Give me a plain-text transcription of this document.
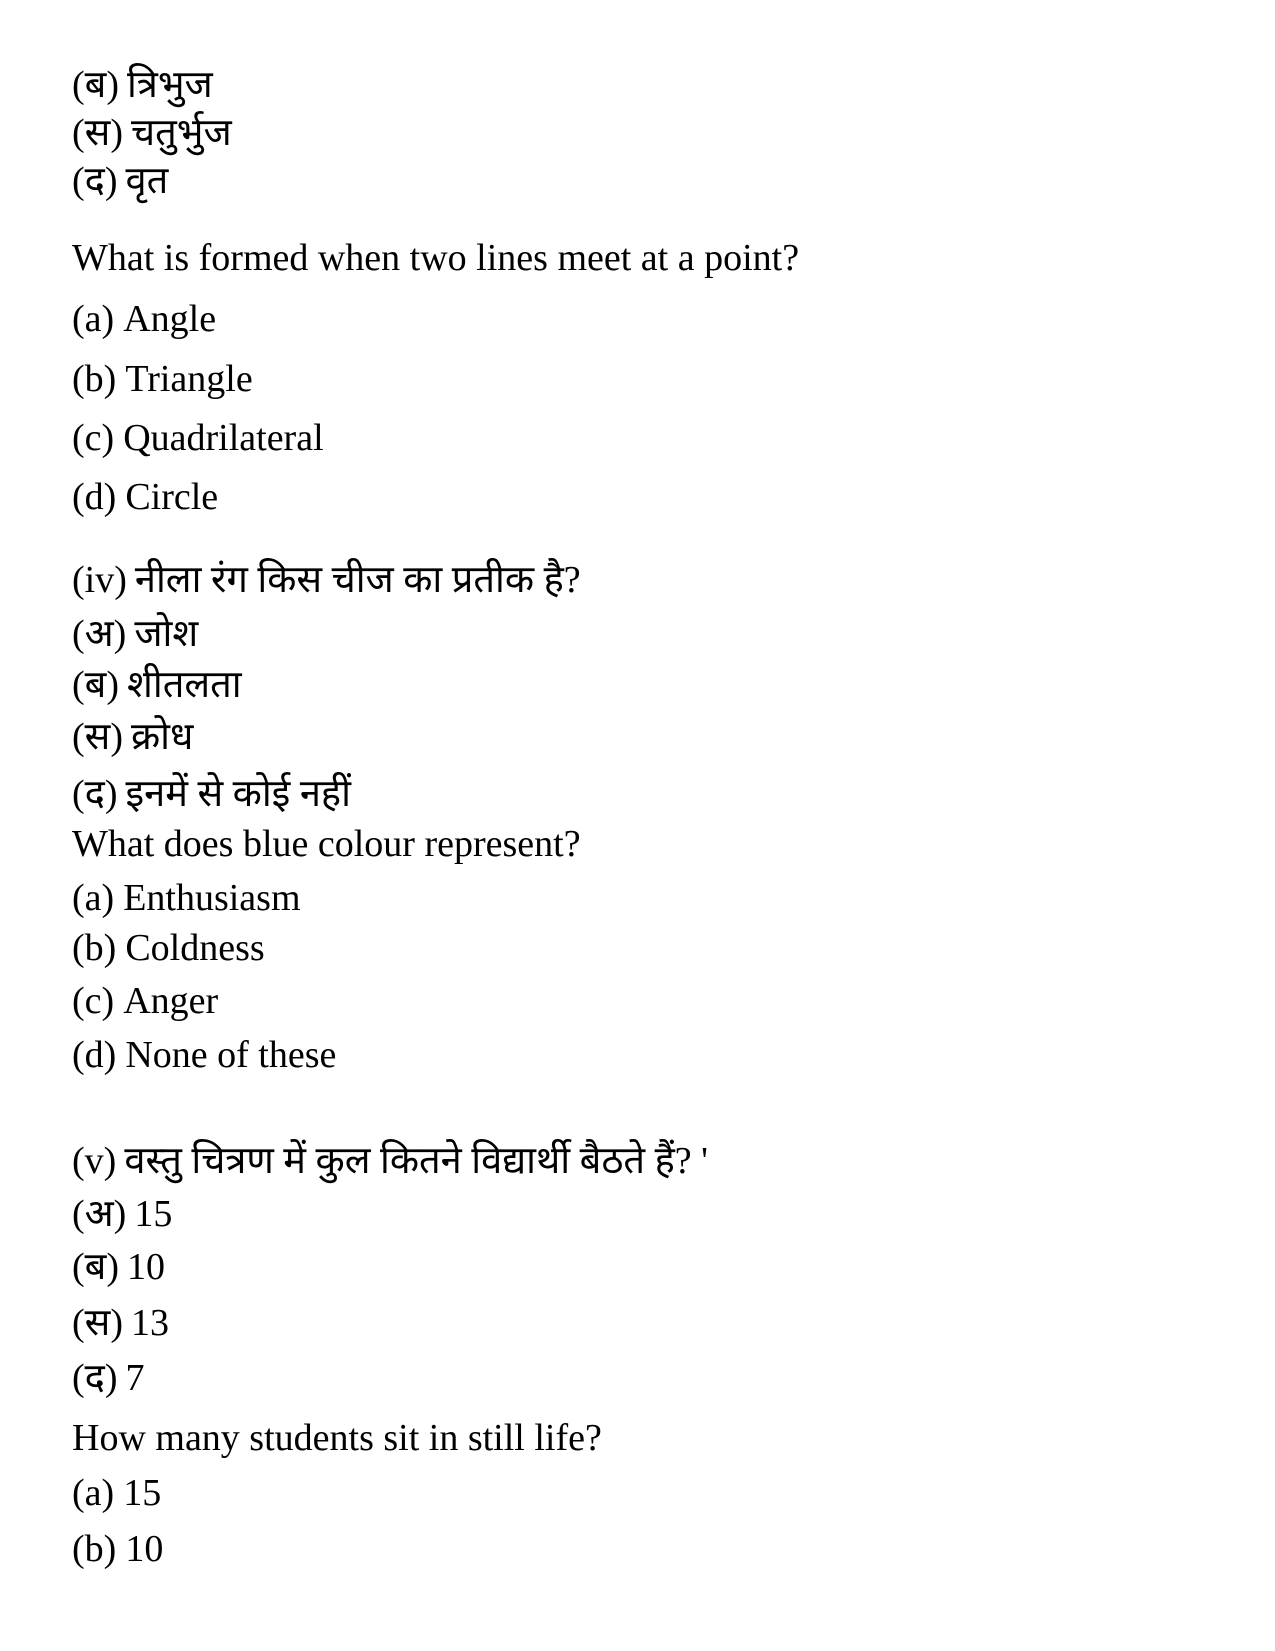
(ब) त्रिभुज
(स) चतुर्भुज
(द) वृत
What is formed when two lines meet at a point?
(a) Angle
(b) Triangle
(c) Quadrilateral
(d) Circle
(iv) नीला रंग किस चीज का प्रतीक है?
(अ) जोश
(ब) शीतलता
(स) क्रोध
(द) इनमें से कोई नहीं
What does blue colour represent?
(a) Enthusiasm
(b) Coldness
(c) Anger
(d) None of these
(v) वस्तु चित्रण में कुल कितने विद्यार्थी बैठते हैं? '
(अ) 15
(ब) 10
(स) 13
(द) 7
How many students sit in still life?
(a) 15
(b) 10
